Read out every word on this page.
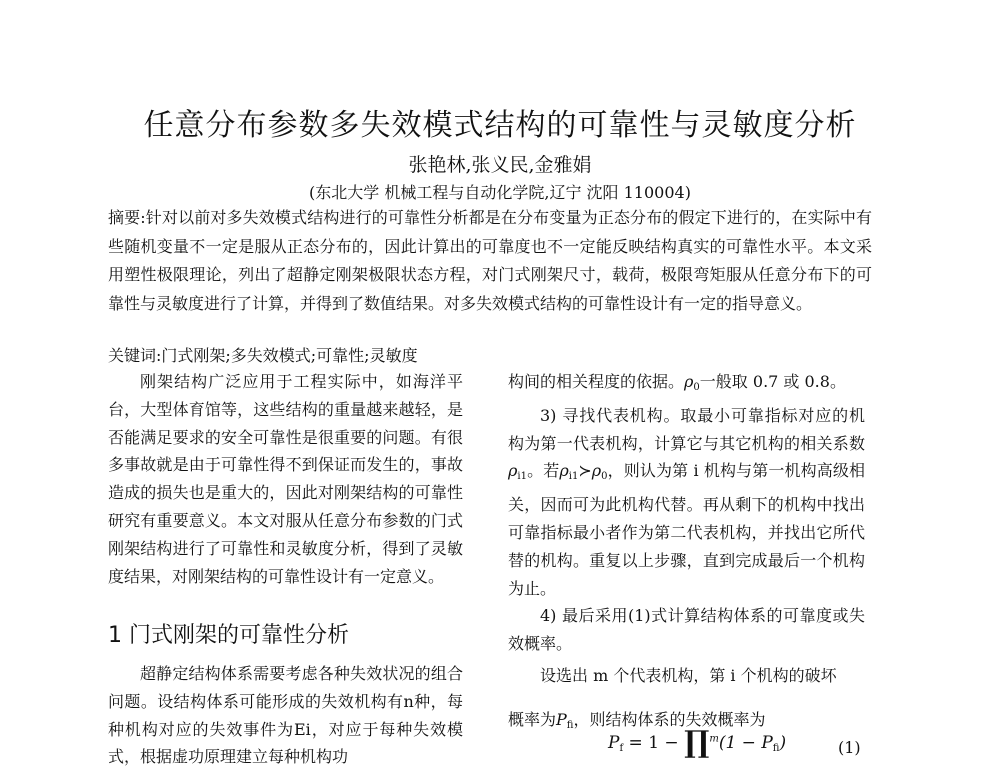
任意分布参数多失效模式结构的可靠性与灵敏度分析
张艳林,张义民,金雅娟
(东北大学 机械工程与自动化学院,辽宁 沈阳 110004)
摘要:针对以前对多失效模式结构进行的可靠性分析都是在分布变量为正态分布的假定下进行的，在实际中有些随机变量不一定是服从正态分布的，因此计算出的可靠度也不一定能反映结构真实的可靠性水平。本文采用塑性极限理论，列出了超静定刚架极限状态方程，对门式刚架尺寸，载荷，极限弯矩服从任意分布下的可靠性与灵敏度进行了计算，并得到了数值结果。对多失效模式结构的可靠性设计有一定的指导意义。
关键词:门式刚架;多失效模式;可靠性;灵敏度

刚架结构广泛应用于工程实际中，如海洋平台，大型体育馆等，这些结构的重量越来越轻，是否能满足要求的安全可靠性是很重要的问题。有很多事故就是由于可靠性得不到保证而发生的，事故造成的损失也是重大的，因此对刚架结构的可靠性研究有重要意义。本文对服从任意分布参数的门式刚架结构进行了可靠性和灵敏度分析，得到了灵敏度结果，对刚架结构的可靠性设计有一定意义。

1 门式刚架的可靠性分析

超静定结构体系需要考虑各种失效状况的组合问题。设结构体系可能形成的失效机构有n种，每种机构对应的失效事件为Ei，对应于每种失效模式，根据虚功原理建立每种机构功

构间的相关程度的依据。$\rho_0$一般取 0.7 或 0.8。

3) 寻找代表机构。取最小可靠指标对应的机构为第一代表机构，计算它与其它机构的相关系数$\rho_{i1}$。若$\rho_{i1}≻\rho_0$，则认为第 i 机构与第一机构高级相关，因而可为此机构代替。再从剩下的机构中找出可靠指标最小者作为第二代表机构，并找出它所代替的机构。重复以上步骤，直到完成最后一个机构为止。

4) 最后采用(1)式计算结构体系的可靠度或失效概率。

设选出 m 个代表机构，第 i 个机构的破坏

概率为$P_{fi}$，则结构体系的失效概率为

$P_f = 1$ − ∏$^m$(1 − $P_{fi}$)	(1)
